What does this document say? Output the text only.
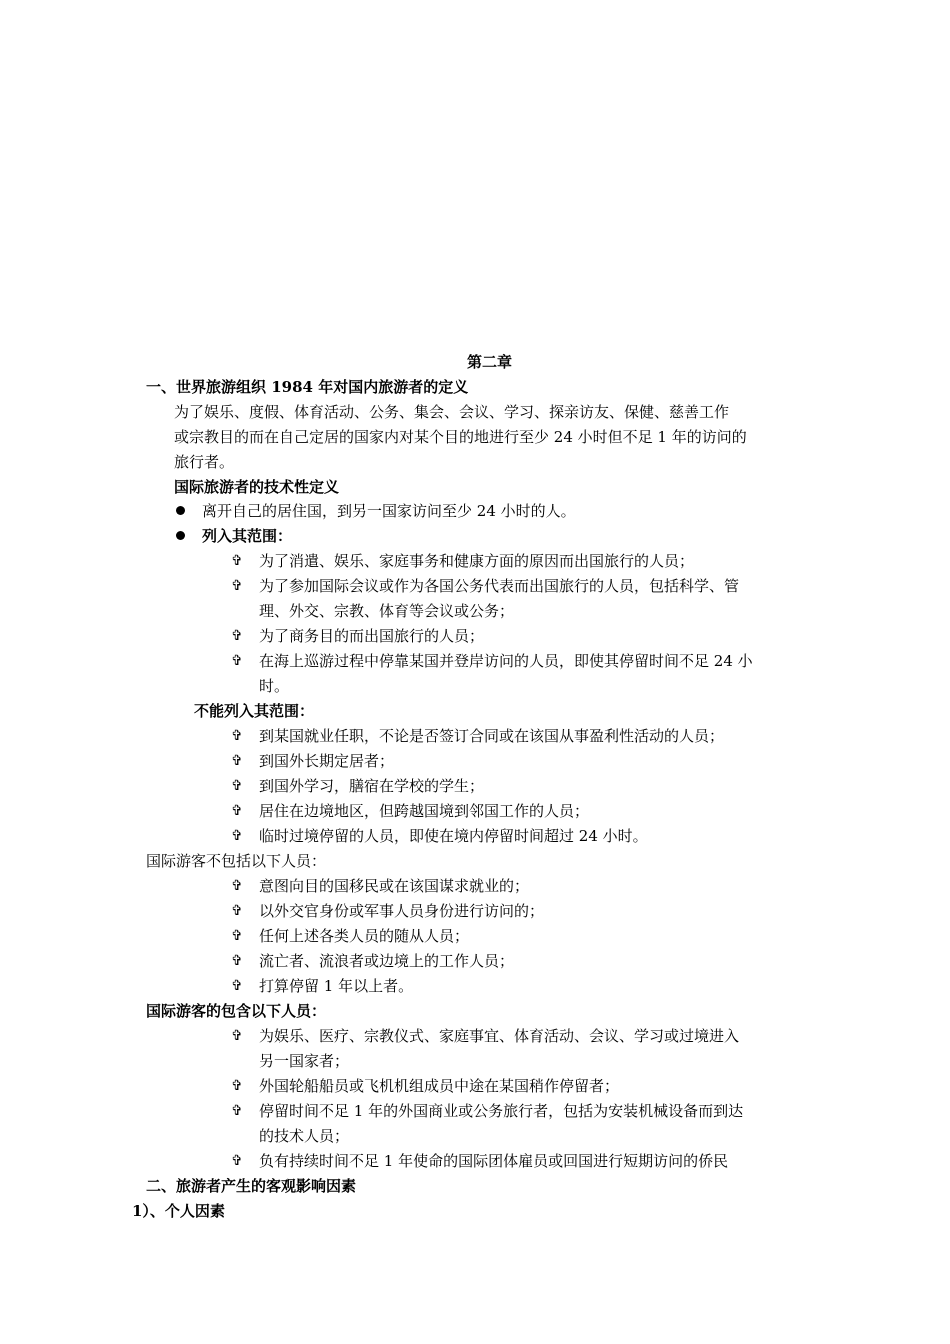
第二章
一、世界旅游组织 1984 年对国内旅游者的定义
为了娱乐、度假、体育活动、公务、集会、会议、学习、探亲访友、保健、慈善工作
或宗教目的而在自己定居的国家内对某个目的地进行至少 24 小时但不足 1 年的访问的
旅行者。
国际旅游者的技术性定义
离开自己的居住国，到另一国家访问至少 24 小时的人。
列入其范围：
✞ 为了消遣、娱乐、家庭事务和健康方面的原因而出国旅行的人员；
✞ 为了参加国际会议或作为各国公务代表而出国旅行的人员，包括科学、管
理、外交、宗教、体育等会议或公务；
✞ 为了商务目的而出国旅行的人员；
✞ 在海上巡游过程中停靠某国并登岸访问的人员，即使其停留时间不足 24 小
时。
不能列入其范围：
✞ 到某国就业任职，不论是否签订合同或在该国从事盈利性活动的人员；
✞ 到国外长期定居者；
✞ 到国外学习，膳宿在学校的学生；
✞ 居住在边境地区，但跨越国境到邻国工作的人员；
✞ 临时过境停留的人员，即使在境内停留时间超过 24 小时。
国际游客不包括以下人员：
✞ 意图向目的国移民或在该国谋求就业的；
✞ 以外交官身份或军事人员身份进行访问的；
✞ 任何上述各类人员的随从人员；
✞ 流亡者、流浪者或边境上的工作人员；
✞ 打算停留 1 年以上者。
国际游客的包含以下人员：
✞ 为娱乐、医疗、宗教仪式、家庭事宜、体育活动、会议、学习或过境进入
另一国家者；
✞ 外国轮船船员或飞机机组成员中途在某国稍作停留者；
✞ 停留时间不足 1 年的外国商业或公务旅行者，包括为安装机械设备而到达
的技术人员；
✞ 负有持续时间不足 1 年使命的国际团体雇员或回国进行短期访问的侨民
二、旅游者产生的客观影响因素
1）、个人因素
